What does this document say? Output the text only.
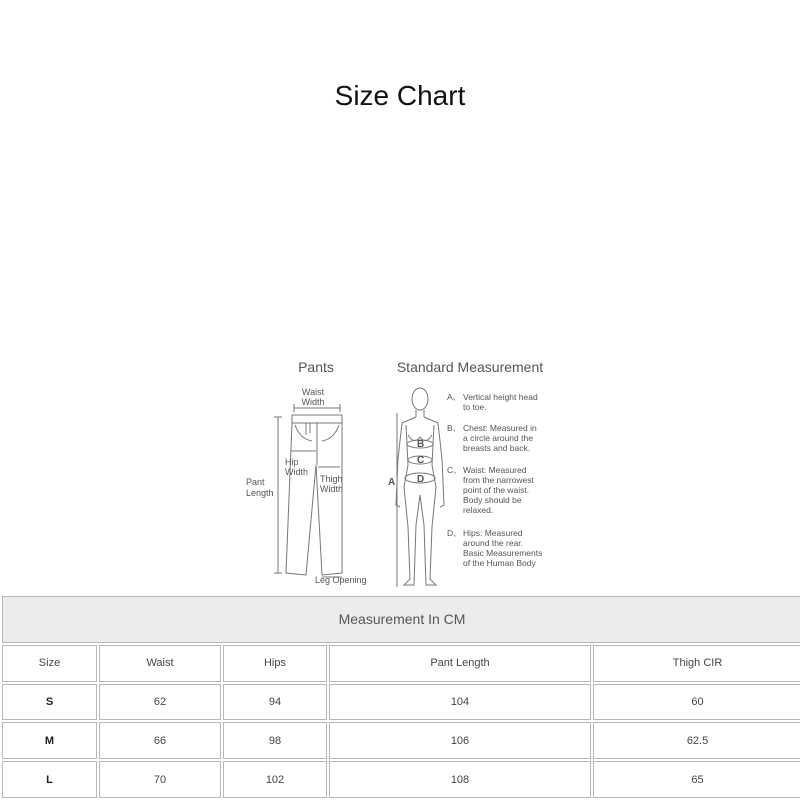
Size Chart
Pants	Standard Measurement
Waist
Width
Hip
Width
Thigh
Width
Pant
Length
Leg Opening
B
C
D
A
A、 Vertical height head
to toe.
B、 Chest: Measured in
a circle around the
breasts and back.
C、 Waist: Measured
from the narrowest
point of the waist.
Body should be
relaxed.
D、 Hips: Measured
around the rear.
Basic Measurements
of the Human Body
Measurement In CM				
Size	Waist	Hips	Pant Length	Thigh CIR
S	62	94	104	60
M	66	98	106	62.5
L	70	102	108	65
